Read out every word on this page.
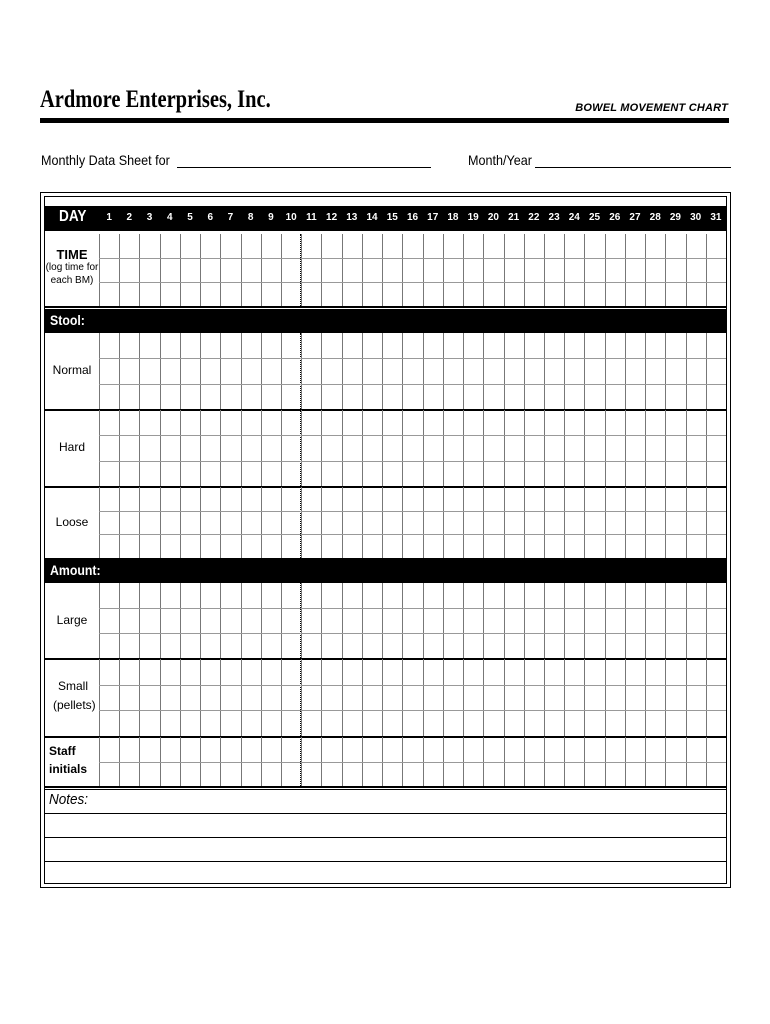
Ardmore Enterprises, Inc.	BOWEL MOVEMENT CHART
Monthly Data Sheet for	Month/Year
DAY	1	2	3	4	5	6	7	8	9	10 11 12 13 14 15 16 17 18 19 20 21 22 23 24 25 26 27 28 29 30 31
TIME
(log time for each BM)
Stool:
Normal
Hard
Loose
Amount:
Large
Small (pellets)
Staff initials
Notes:
